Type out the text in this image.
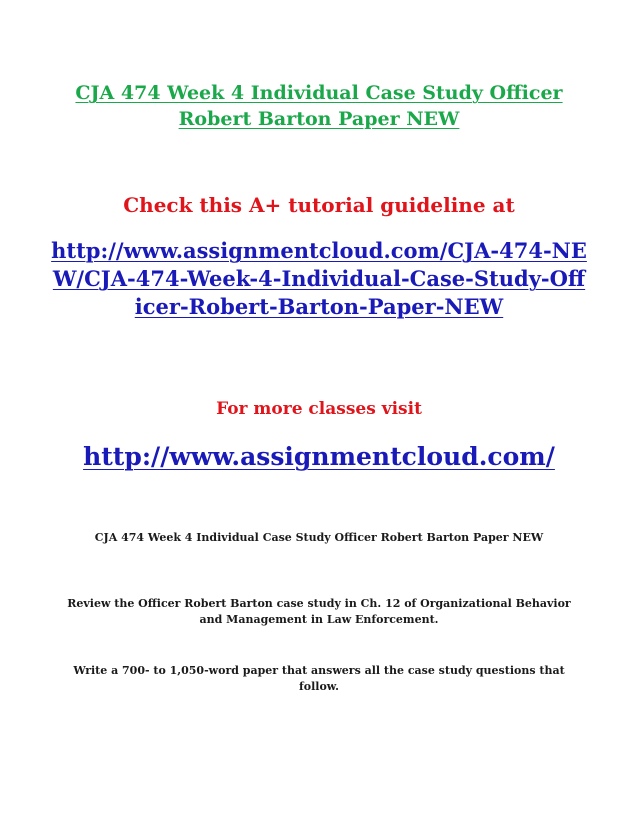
CJA 474 Week 4 Individual Case Study Officer Robert Barton Paper NEW
Check this A+ tutorial guideline at
http://www.assignmentcloud.com/CJA-474-NEW/CJA-474-Week-4-Individual-Case-Study-Officer-Robert-Barton-Paper-NEW
For more classes visit
http://www.assignmentcloud.com/
CJA 474 Week 4 Individual Case Study Officer Robert Barton Paper NEW
Review the Officer Robert Barton case study in Ch. 12 of Organizational Behavior and Management in Law Enforcement.
Write a 700- to 1,050-word paper that answers all the case study questions that follow.
